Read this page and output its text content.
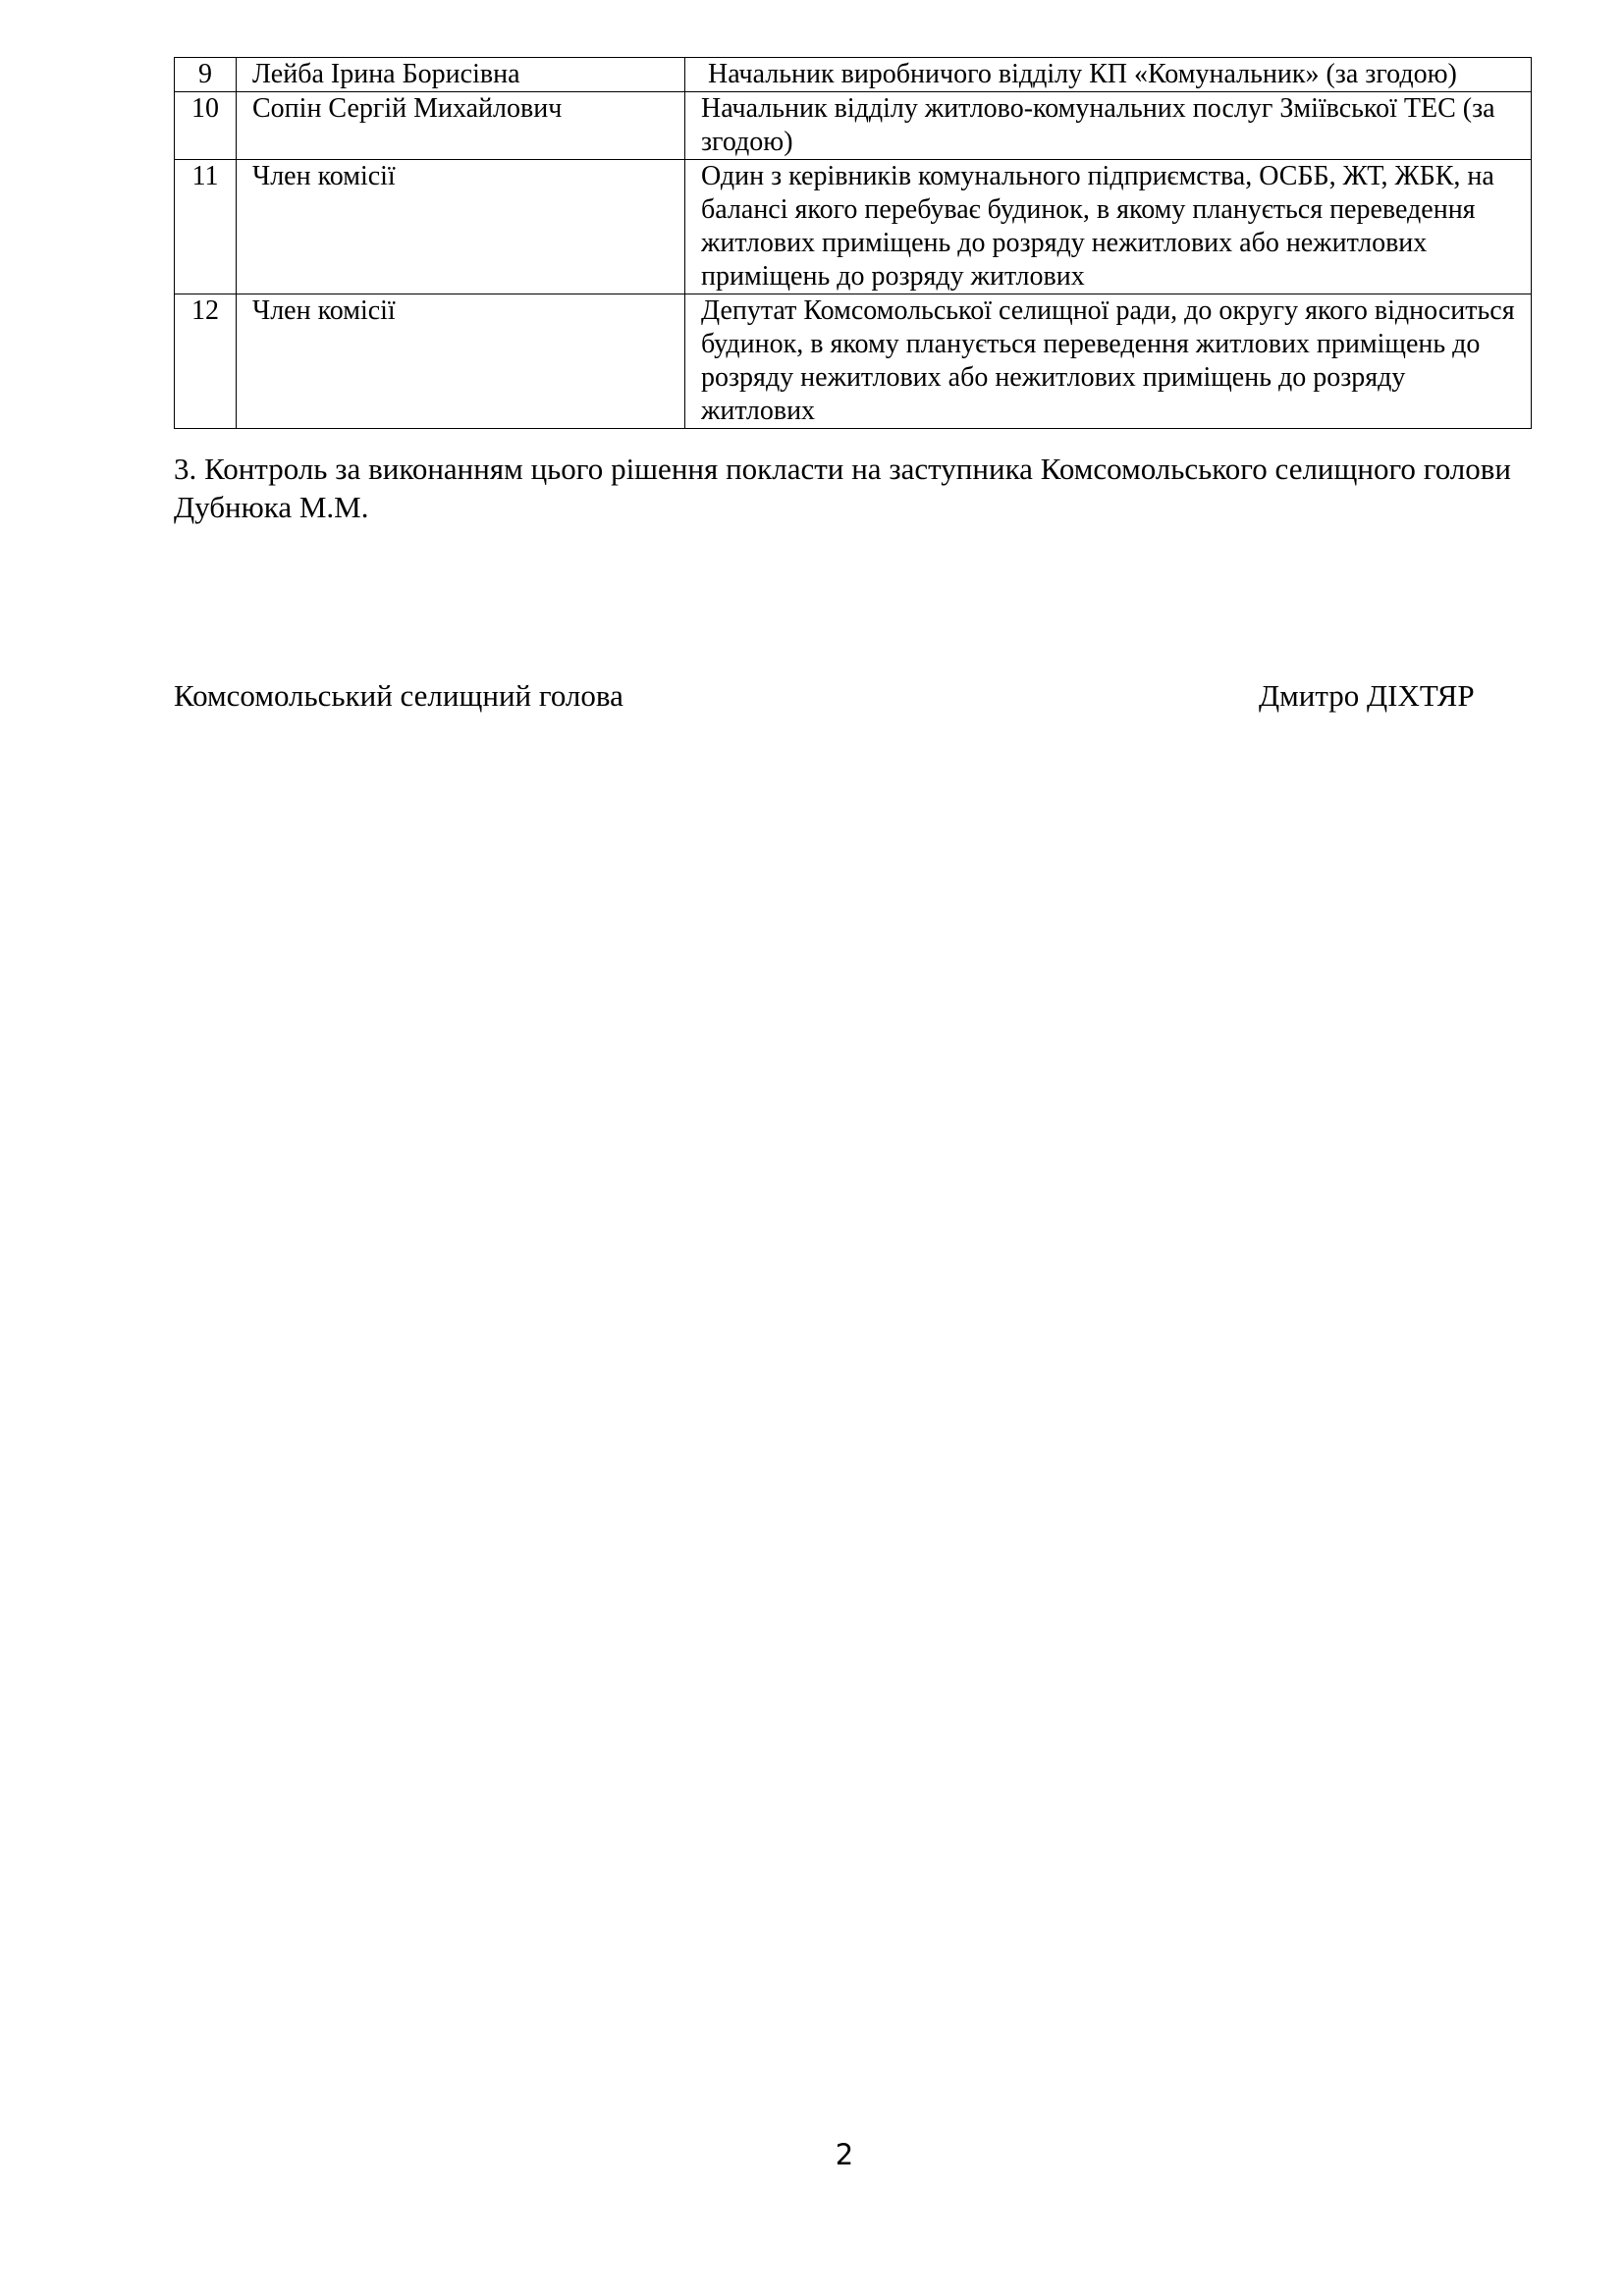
9	Лейба Ірина Борисівна	Начальник виробничого відділу КП «Комунальник» (за згодою)
10	Сопін Сергій Михайлович	Начальник відділу житлово-комунальних послуг Зміївської ТЕС (за згодою)
11	Член комісії	Один з керівників комунального підприємства, ОСББ, ЖТ, ЖБК, на балансі якого перебуває будинок, в якому планується переведення житлових приміщень до розряду нежитлових або нежитлових приміщень до розряду житлових
12	Член комісії	Депутат Комсомольської селищної ради, до округу якого відноситься будинок, в якому планується переведення житлових приміщень до розряду нежитлових або нежитлових приміщень до розряду житлових
3. Контроль за виконанням цього рішення покласти на заступника Комсомольського селищного голови Дубнюка М.М.
Комсомольський селищний голова	Дмитро ДІХТЯР
2
